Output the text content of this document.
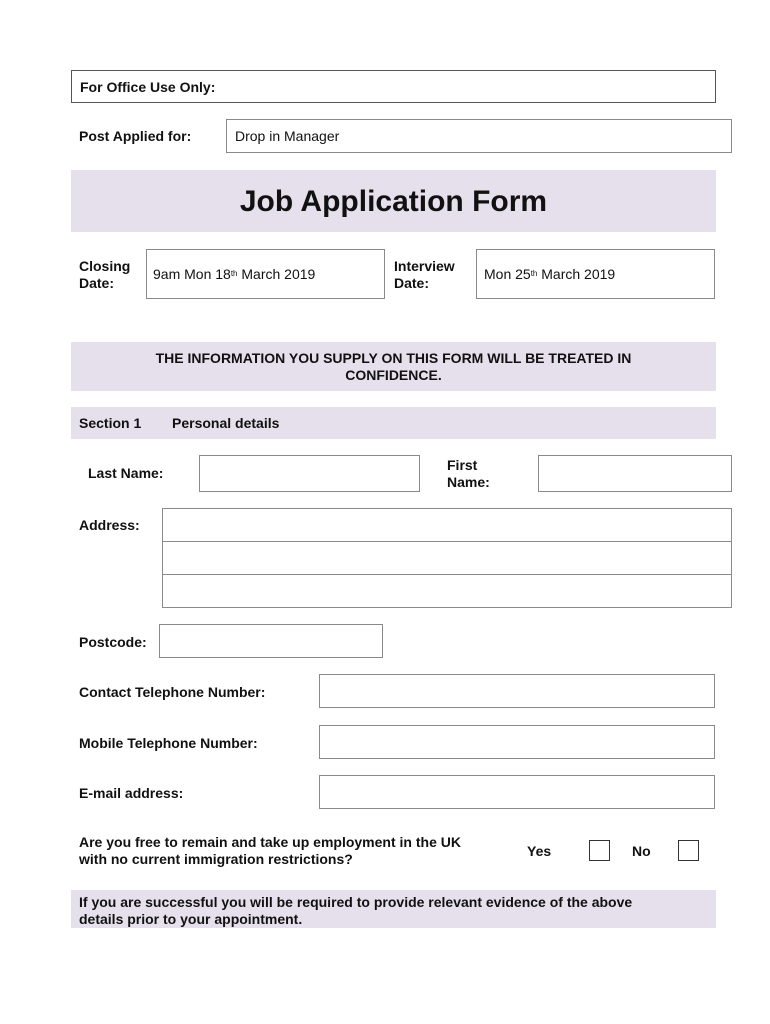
For Office Use Only:
Post Applied for:	Drop in Manager
Job Application Form
Closing
Date:
9am Mon 18th March 2019	Interview
Date:
Mon 25th March 2019
THE INFORMATION YOU SUPPLY ON THIS FORM WILL BE TREATED IN
CONFIDENCE.
Section 1 Personal details
Last Name:	First
Name:
Address:
Postcode:
Contact Telephone Number:
Mobile Telephone Number:
E-mail address:
Are you free to remain and take up employment in the UK
with no current immigration restrictions?	Yes	No
If you are successful you will be required to provide relevant evidence of the above
details prior to your appointment.
